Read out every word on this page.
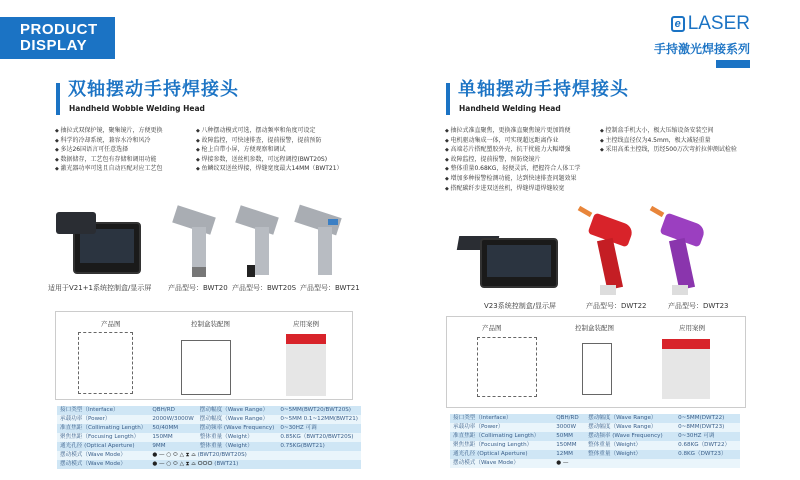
PRODUCT
DISPLAY
e LASER
手持激光焊接系列
双轴摆动手持焊接头
Handheld Wobble Welding Head
◆ 抽拉式双保护镜，聚集镜片，方便更换
◆ 科学的冷却系统，兼容水冷和风冷
◆ 多达26国语言可任意选择
◆ 数据储存，工艺包有存储和调用功能
◆ 激光器功率可选且自动匹配对应工艺包
◆ 八种摆动模式可选，摆动频率和角度可设定
◆ 故障监控，可快速排查，提前报警，提前预防
◆ 枪上自带小屏，方便观察和调试
◆ 焊接参数，送丝机参数，可远程调控(BWT20S)
◆ 鱼鳞纹双送丝焊接，焊缝宽度最大14MM（BWT21）
适用于V21+1系统控制盒/显示屏 产品型号：BWT20 产品型号：BWT20S 产品型号：BWT21
产品图	控制盒装配图	应用案例
接口类型（Interface）	QBH/RD	摆动幅度（Wave Range）	0~5MM(BWT20/BWT20S)
承载功率（Power）	2000W/3000W	摆动幅度（Wave Range）	0~5MM 0.1~12MM(BWT21)
准直焦距（Collimating Length）	50/40MM	摆动频率 (Wave Frequency)	0~30HZ 可调
聚焦焦距（Focusing Length）	150MM	整体重量（Weight）	0.85KG（BWT20/BWT20S)
通光孔径 (Optical Aperture)	9MM	整体重量（Weight）	0.75KG(BWT21)
摆动模式（Wave Mode）	● — ○ ⬭ △ ⧗ ⌓ (BWT20/BWT20S)		
摆动模式（Wave Mode）	● — ○ ⬭ △ ⧗ ⌓ ⵔⵔⵔ (BWT21)		
单轴摆动手持焊接头
Handheld Welding Head
◆ 抽拉式准直聚焦，更换准直聚焦镜片更加简便
◆ 电机驱动集成一体，可实现超远距离作业
◆ 高端芯片搭配塑胶外壳，抗干扰能力大幅增强
◆ 故障监控，提前报警，预防烧镜片
◆ 整体重量0.68KG，轻便灵活，把握符合人体工学
◆ 增加多种报警检测功能，达到快速排查问题效果
◆ 搭配碳纤步进双送丝机，焊缝焊道焊缝较宽
◆ 控制盒手机大小，极大压缩设备安装空间
◆ 主控线直径仅为4.5mm，极大减轻重量
◆ 采用高柔主控线，历经500万次弯折拉伸测试检验
V23系统控制盒/显示屏	产品型号：DWT22	产品型号：DWT23
产品图	控制盒装配图	应用案例
接口类型（Interface）	QBH/RD	摆动幅度（Wave Range）	0~5MM(DWT22)
承载功率（Power）	3000W	摆动幅度（Wave Range）	0~8MM(DWT23)
准直焦距（Collimating Length）	50MM	摆动频率 (Wave Frequency)	0~30HZ 可调
聚焦焦距（Focusing Length）	150MM	整体重量（Weight）	0.68KG（DWT22）
通光孔径 (Optical Aperture)	12MM	整体重量（Weight）	0.8KG（DWT23）
摆动模式（Wave Mode）	● —		
